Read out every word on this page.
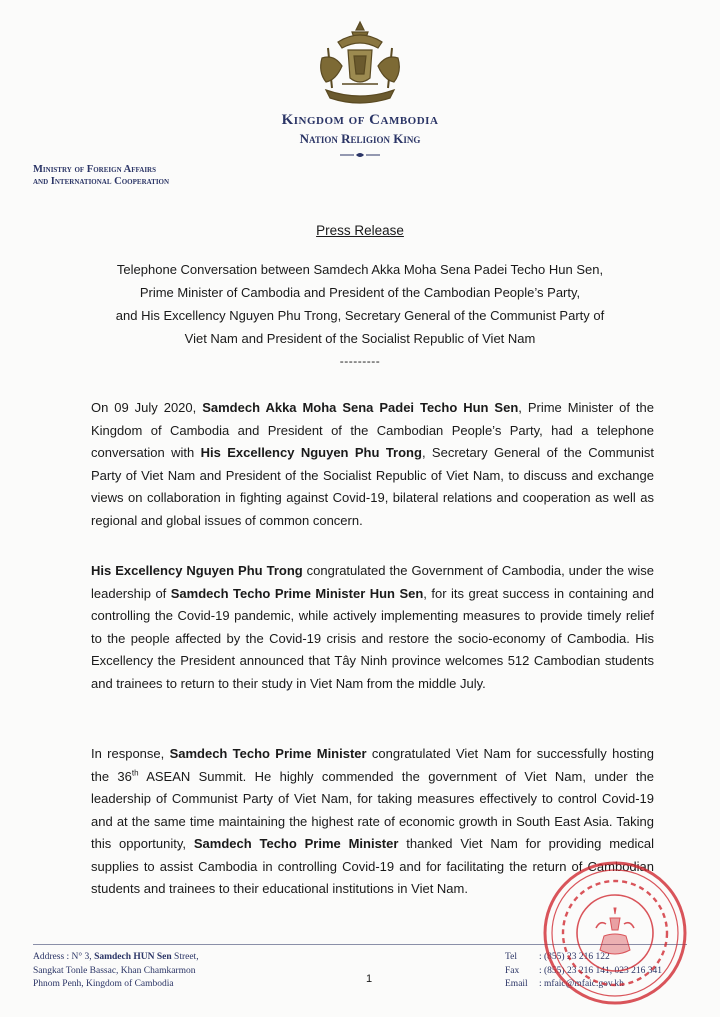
Kingdom of Cambodia
Nation Religion King
Ministry of Foreign Affairs
and International Cooperation
Press Release
Telephone Conversation between Samdech Akka Moha Sena Padei Techo Hun Sen,
Prime Minister of Cambodia and President of the Cambodian People’s Party,
and His Excellency Nguyen Phu Trong, Secretary General of the Communist Party of
Viet Nam and President of the Socialist Republic of Viet Nam
---------
On 09 July 2020, Samdech Akka Moha Sena Padei Techo Hun Sen, Prime Minister of the Kingdom of Cambodia and President of the Cambodian People’s Party, had a telephone conversation with His Excellency Nguyen Phu Trong, Secretary General of the Communist Party of Viet Nam and President of the Socialist Republic of Viet Nam, to discuss and exchange views on collaboration in fighting against Covid-19, bilateral relations and cooperation as well as regional and global issues of common concern.
His Excellency Nguyen Phu Trong congratulated the Government of Cambodia, under the wise leadership of Samdech Techo Prime Minister Hun Sen, for its great success in containing and controlling the Covid-19 pandemic, while actively implementing measures to provide timely relief to the people affected by the Covid-19 crisis and restore the socio-economy of Cambodia. His Excellency the President announced that Tây Ninh province welcomes 512 Cambodian students and trainees to return to their study in Viet Nam from the middle July.
In response, Samdech Techo Prime Minister congratulated Viet Nam for successfully hosting the 36th ASEAN Summit. He highly commended the government of Viet Nam, under the leadership of Communist Party of Viet Nam, for taking measures effectively to control Covid-19 and at the same time maintaining the highest rate of economic growth in South East Asia. Taking this opportunity, Samdech Techo Prime Minister thanked Viet Nam for providing medical supplies to assist Cambodia in controlling Covid-19 and for facilitating the return of Cambodian students and trainees to their educational institutions in Viet Nam.
Address : N° 3, Samdech HUN Sen Street,
Sangkat Tonle Bassac, Khan Chamkarmon
Phnom Penh, Kingdom of Cambodia	1
Tel : (855) 23 216 122
Fax : (855) 23 216 141, 023 216 341
Email : mfaic@mfaic.gov.kh
